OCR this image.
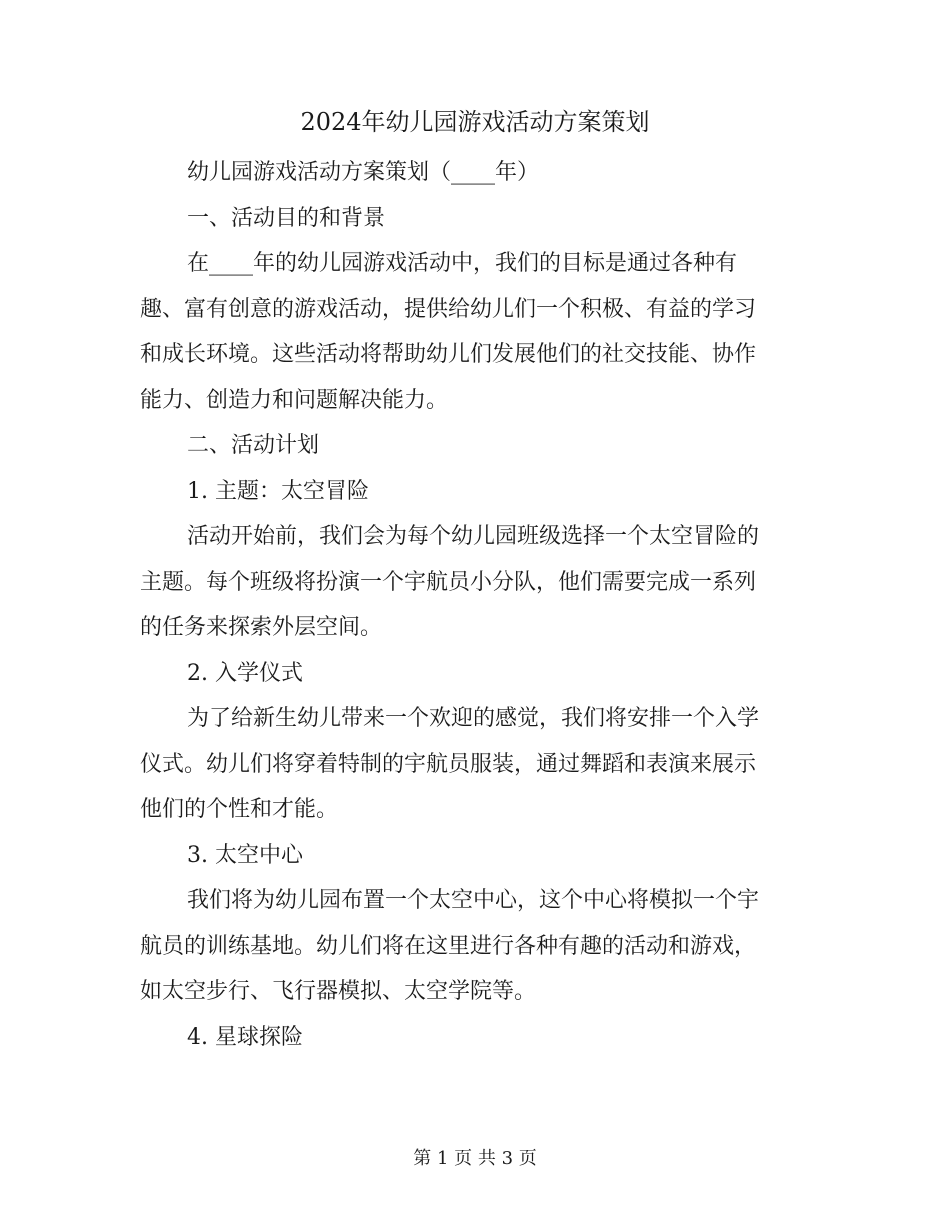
2024年幼儿园游戏活动方案策划

幼儿园游戏活动方案策划（____年）

一、活动目的和背景

在____年的幼儿园游戏活动中，我们的目标是通过各种有

趣、富有创意的游戏活动，提供给幼儿们一个积极、有益的学习

和成长环境。这些活动将帮助幼儿们发展他们的社交技能、协作

能力、创造力和问题解决能力。

二、活动计划

1. 主题：太空冒险

活动开始前，我们会为每个幼儿园班级选择一个太空冒险的

主题。每个班级将扮演一个宇航员小分队，他们需要完成一系列

的任务来探索外层空间。

2. 入学仪式

为了给新生幼儿带来一个欢迎的感觉，我们将安排一个入学

仪式。幼儿们将穿着特制的宇航员服装，通过舞蹈和表演来展示

他们的个性和才能。

3. 太空中心

我们将为幼儿园布置一个太空中心，这个中心将模拟一个宇

航员的训练基地。幼儿们将在这里进行各种有趣的活动和游戏，

如太空步行、飞行器模拟、太空学院等。

4. 星球探险

第 1 页 共 3 页
